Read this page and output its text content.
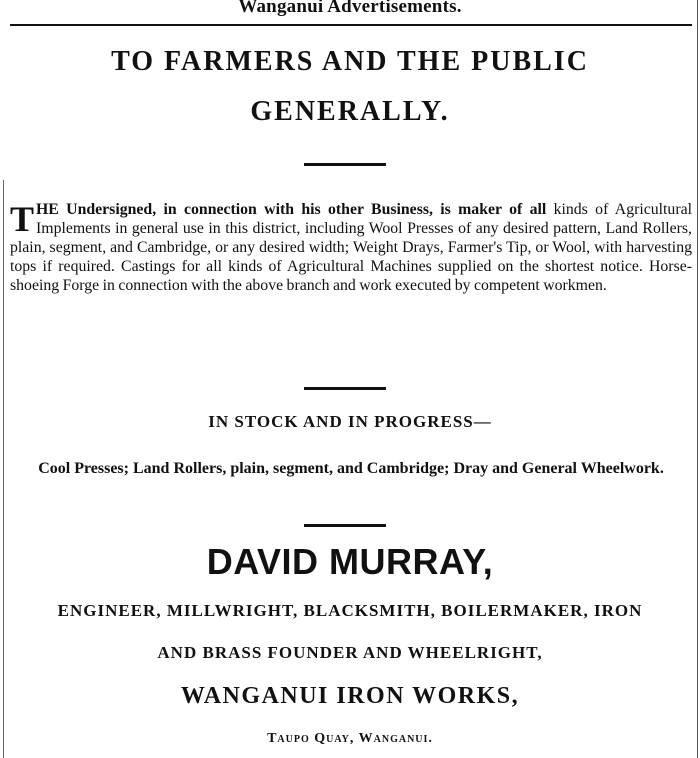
Wanganui Advertisements.
TO FARMERS AND THE PUBLIC
GENERALLY.
THE Undersigned, in connection with his other Business, is maker of all kinds of Agricultural Implements in general use in this district, including Wool Presses of any desired pattern, Land Rollers, plain, segment, and Cambridge, or any desired width; Weight Drays, Farmer's Tip, or Wool, with harvesting tops if required. Castings for all kinds of Agricultural Machines supplied on the shortest notice. Horse-shoeing Forge in connection with the above branch and work executed by competent workmen.
IN STOCK AND IN PROGRESS—
Cool Presses; Land Rollers, plain, segment, and Cambridge; Dray and General Wheelwork.
DAVID MURRAY,
ENGINEER, MILLWRIGHT, BLACKSMITH, BOILERMAKER, IRON
AND BRASS FOUNDER AND WHEELRIGHT,
WANGANUI IRON WORKS,
Taupo Quay, Wanganui.
